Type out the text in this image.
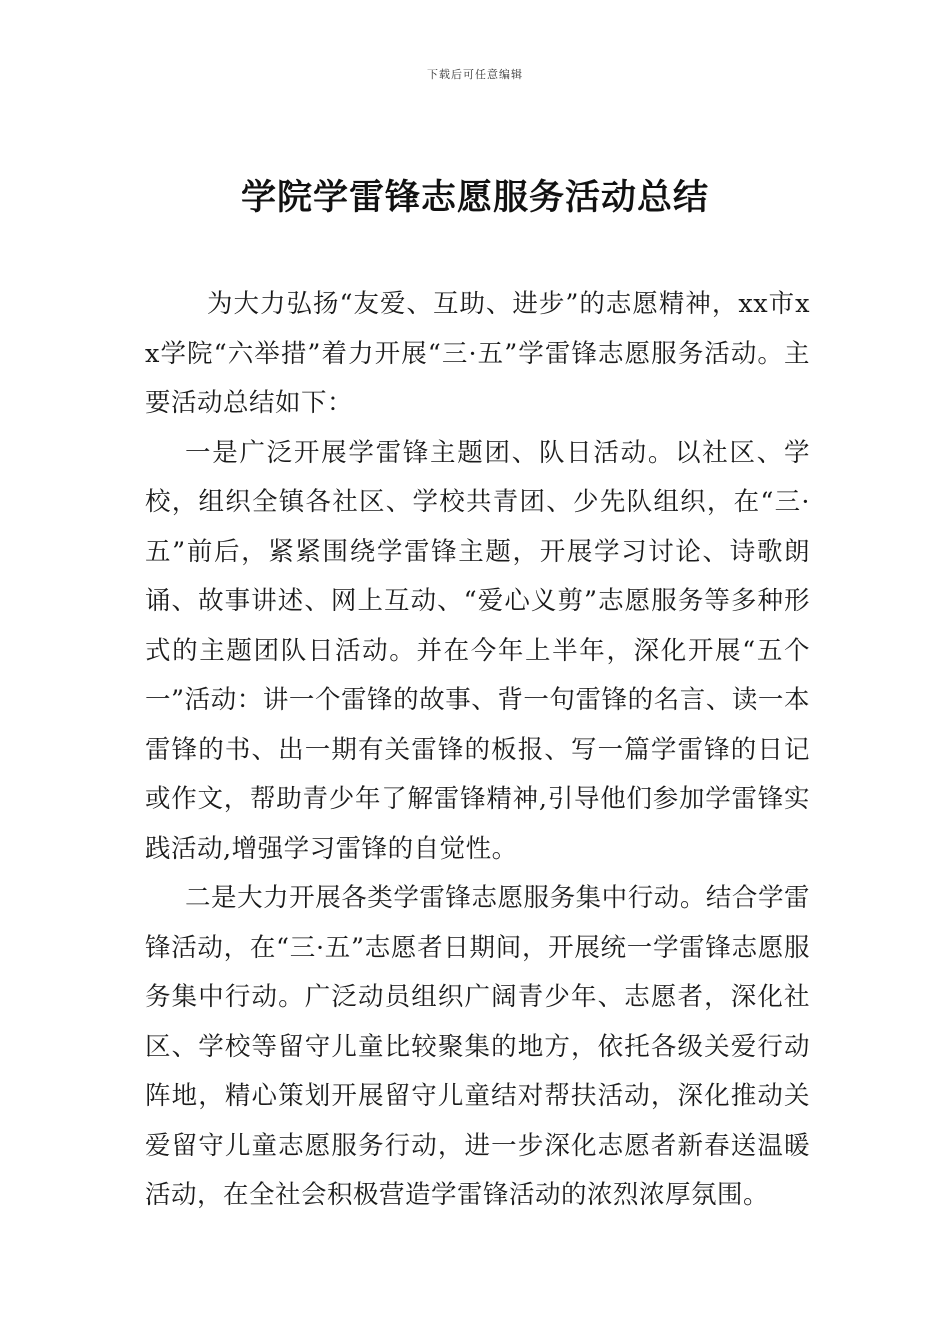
下载后可任意编辑
学院学雷锋志愿服务活动总结

为大力弘扬“友爱、互助、进步”的志愿精神，xx市xx学院“六举措”着力开展“三·五”学雷锋志愿服务活动。主要活动总结如下：

一是广泛开展学雷锋主题团、队日活动。以社区、学校，组织全镇各社区、学校共青团、少先队组织，在“三·五”前后，紧紧围绕学雷锋主题，开展学习讨论、诗歌朗诵、故事讲述、网上互动、“爱心义剪”志愿服务等多种形式的主题团队日活动。并在今年上半年，深化开展“五个一”活动：讲一个雷锋的故事、背一句雷锋的名言、读一本雷锋的书、出一期有关雷锋的板报、写一篇学雷锋的日记或作文，帮助青少年了解雷锋精神,引导他们参加学雷锋实践活动,增强学习雷锋的自觉性。

二是大力开展各类学雷锋志愿服务集中行动。结合学雷锋活动，在“三·五”志愿者日期间，开展统一学雷锋志愿服务集中行动。广泛动员组织广阔青少年、志愿者，深化社区、学校等留守儿童比较聚集的地方，依托各级关爱行动阵地，精心策划开展留守儿童结对帮扶活动，深化推动关爱留守儿童志愿服务行动，进一步深化志愿者新春送温暖活动，在全社会积极营造学雷锋活动的浓烈浓厚氛围。
